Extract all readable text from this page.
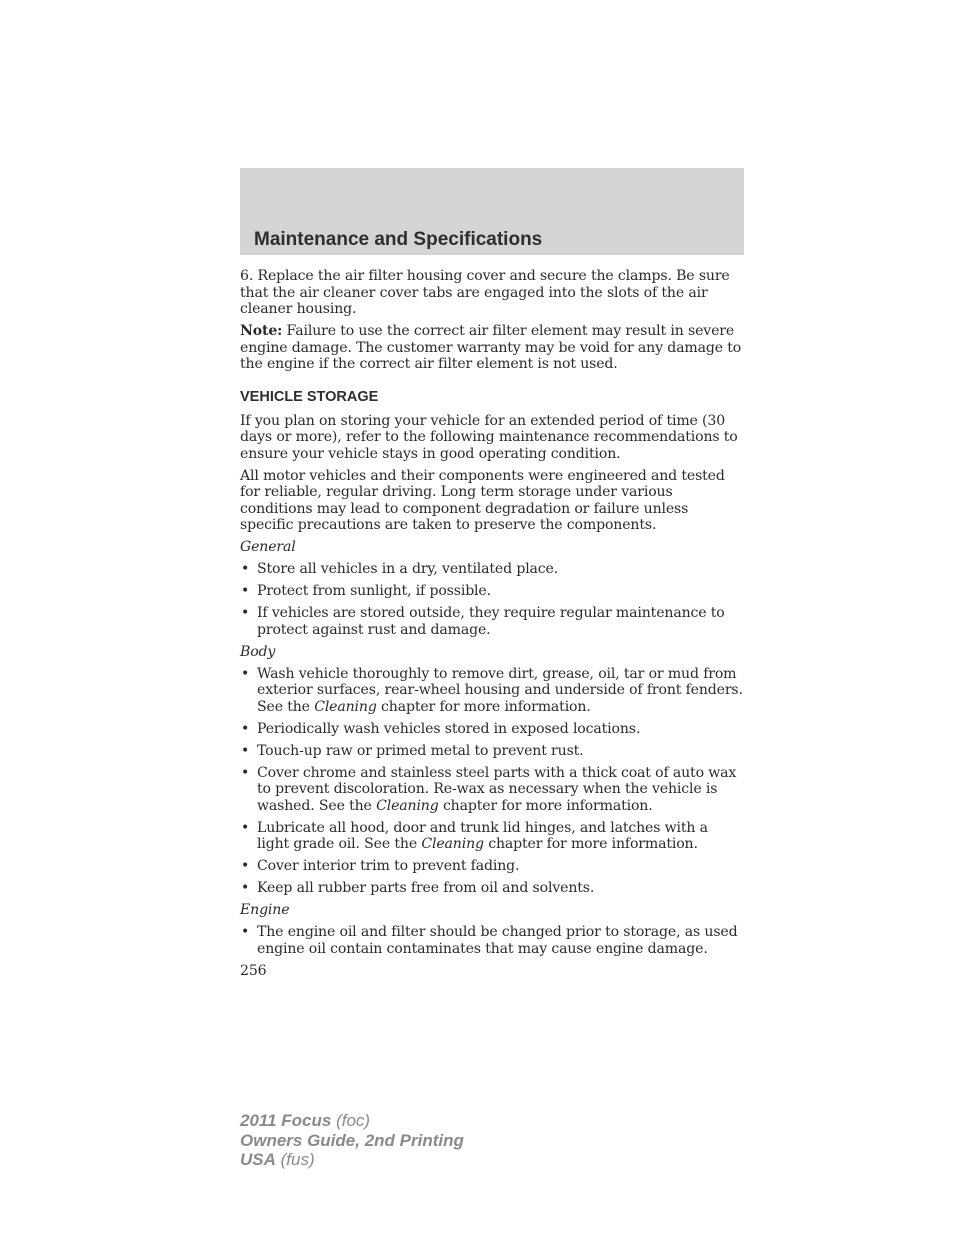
Maintenance and Specifications

6. Replace the air filter housing cover and secure the clamps. Be sure that the air cleaner cover tabs are engaged into the slots of the air cleaner housing.

Note: Failure to use the correct air filter element may result in severe engine damage. The customer warranty may be void for any damage to the engine if the correct air filter element is not used.

VEHICLE STORAGE

If you plan on storing your vehicle for an extended period of time (30 days or more), refer to the following maintenance recommendations to ensure your vehicle stays in good operating condition.

All motor vehicles and their components were engineered and tested for reliable, regular driving. Long term storage under various conditions may lead to component degradation or failure unless specific precautions are taken to preserve the components.

General

• Store all vehicles in a dry, ventilated place.
• Protect from sunlight, if possible.
• If vehicles are stored outside, they require regular maintenance to protect against rust and damage.

Body

• Wash vehicle thoroughly to remove dirt, grease, oil, tar or mud from exterior surfaces, rear-wheel housing and underside of front fenders. See the Cleaning chapter for more information.
• Periodically wash vehicles stored in exposed locations.
• Touch-up raw or primed metal to prevent rust.
• Cover chrome and stainless steel parts with a thick coat of auto wax to prevent discoloration. Re-wax as necessary when the vehicle is washed. See the Cleaning chapter for more information.
• Lubricate all hood, door and trunk lid hinges, and latches with a light grade oil. See the Cleaning chapter for more information.
• Cover interior trim to prevent fading.
• Keep all rubber parts free from oil and solvents.

Engine

• The engine oil and filter should be changed prior to storage, as used engine oil contain contaminates that may cause engine damage.
256
2011 Focus (foc)
Owners Guide, 2nd Printing
USA (fus)
